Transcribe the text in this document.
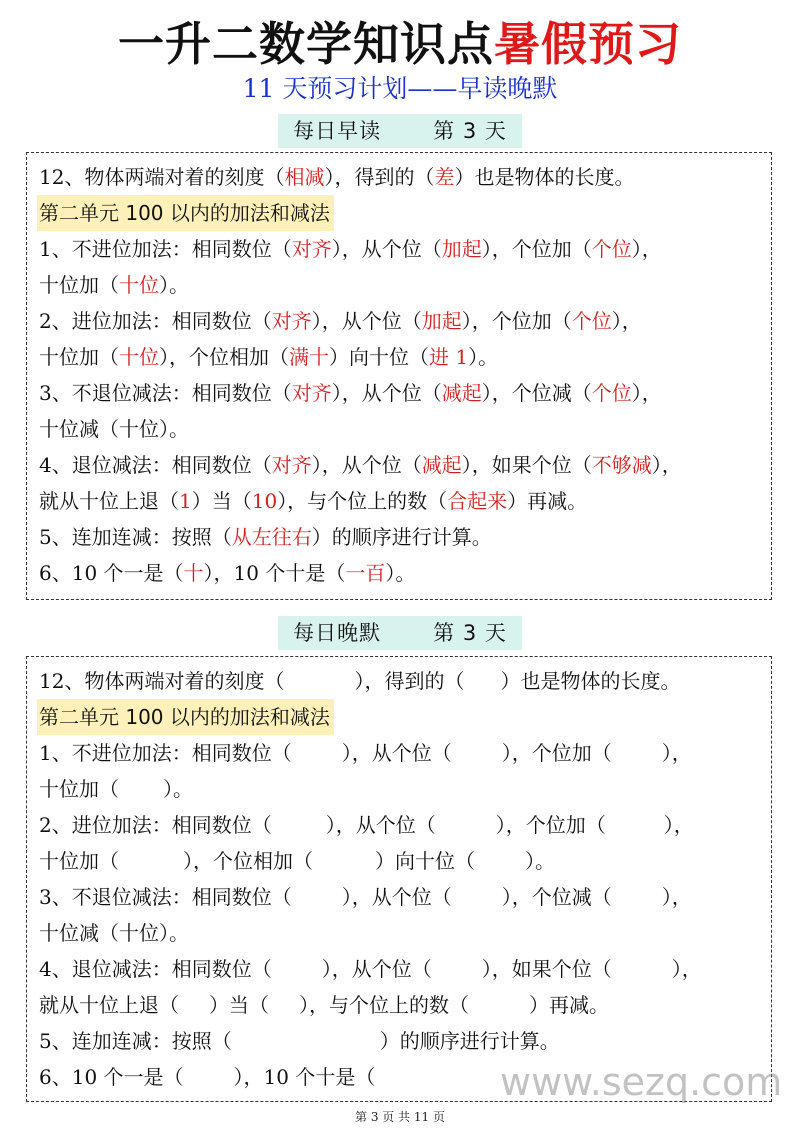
一升二数学知识点暑假预习
11 天预习计划——早读晚默
每日早读 第 3 天
12、物体两端对着的刻度（相减），得到的（差）也是物体的长度。
第二单元 100 以内的加法和减法
1、不进位加法：相同数位（对齐），从个位（加起），个位加（个位），
十位加（十位）。
2、进位加法：相同数位（对齐），从个位（加起），个位加（个位），
十位加（十位），个位相加（满十）向十位（进 1）。
3、不退位减法：相同数位（对齐），从个位（减起），个位减（个位），
十位减（十位）。
4、退位减法：相同数位（对齐），从个位（减起），如果个位（不够减），
就从十位上退（1）当（10），与个位上的数（合起来）再减。
5、连加连减：按照（从左往右）的顺序进行计算。
6、10 个一是（十），10 个十是（一百）。
每日晚默 第 3 天
12、物体两端对着的刻度（	），得到的（ ）也是物体的长度。
第二单元 100 以内的加法和减法
1、不进位加法：相同数位（	），从个位（	），个位加（	），
十位加（ ）。
2、进位加法：相同数位（	），从个位（	），个位加（	），
十位加（	），个位相加（	）向十位（	）。
3、不退位减法：相同数位（	），从个位（	），个位减（	），
十位减（十位）。
4、退位减法：相同数位（	），从个位（	），如果个位（	），
就从十位上退（ ）当（ ），与个位上的数（	）再减。
5、连加连减：按照（	）的顺序进行计算。
6、10 个一是（	），10 个十是（	www.sezq.com
第 3 页 共 11 页
